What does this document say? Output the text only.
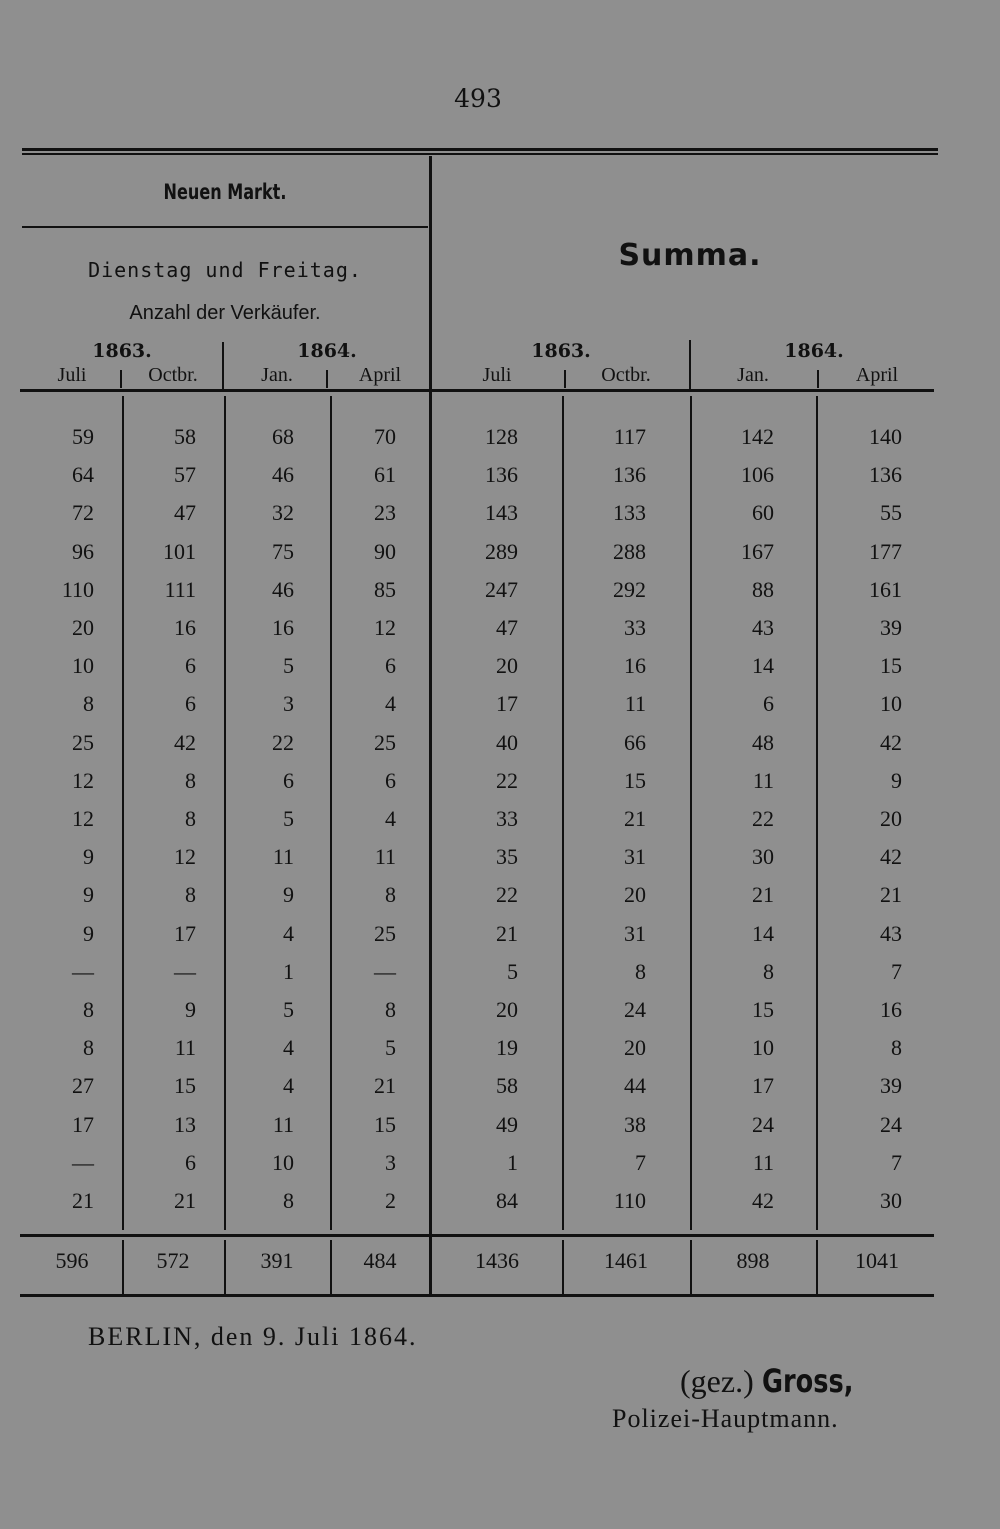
493
Neuen Markt.
Dienstag und Freitag.
Anzahl der Verkäufer.
Summa.
1863.	1864.	1863.	1864.
Juli	Octbr.	Jan.	April	Juli	Octbr.	Jan.	April
59	58	68	70	128	117	142	140
64	57	46	61	136	136	106	136
72	47	32	23	143	133	60	55
96	101	75	90	289	288	167	177
110	111	46	85	247	292	88	161
20	16	16	12	47	33	43	39
10	6	5	6	20	16	14	15
8	6	3	4	17	11	6	10
25	42	22	25	40	66	48	42
12	8	6	6	22	15	11	9
12	8	5	4	33	21	22	20
9	12	11	11	35	31	30	42
9	8	9	8	22	20	21	21
9	17	4	25	21	31	14	43
—	—	1	—	5	8	8	7
8	9	5	8	20	24	15	16
8	11	4	5	19	20	10	8
27	15	4	21	58	44	17	39
17	13	11	15	49	38	24	24
—	6	10	3	1	7	11	7
21	21	8	2	84	110	42	30
596	572	391	484	1436	1461	898	1041
BERLIN, den 9. Juli 1864.
(gez.) Gross,
Polizei-Hauptmann.
